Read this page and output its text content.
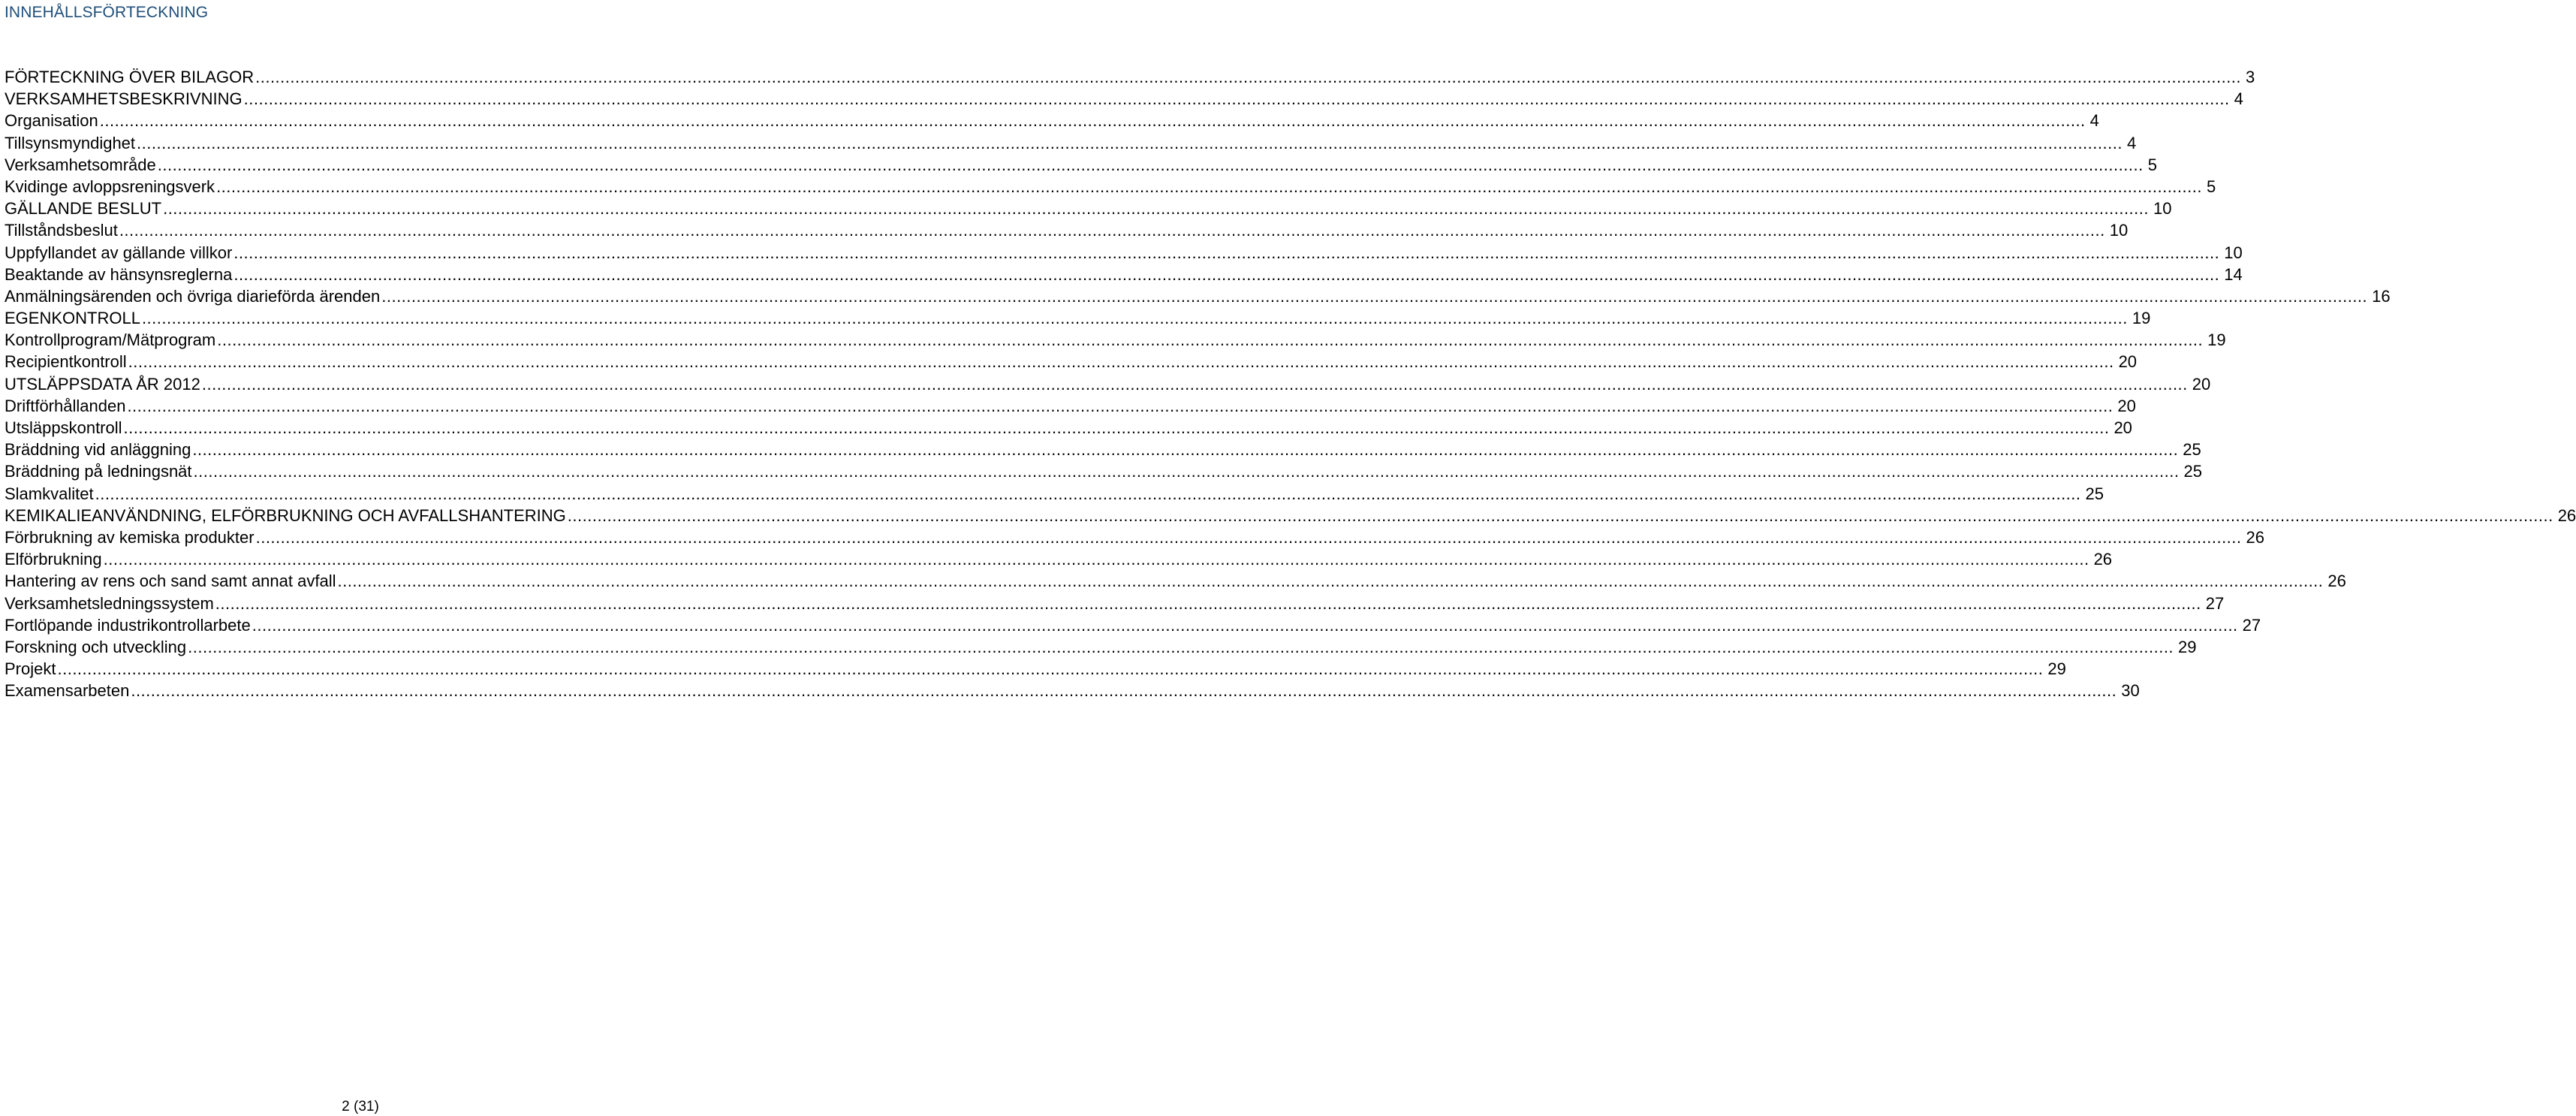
INNEHÅLLSFÖRTECKNING
FÖRTECKNING ÖVER BILAGOR ................................................................................................................................................................................................................................................................................................................................................................................................................ 3
VERKSAMHETSBESKRIVNING ................................................................................................................................................................................................................................................................................................................................................................................................................ 4
Organisation ................................................................................................................................................................................................................................................................................................................................................................................................................ 4
Tillsynsmyndighet ................................................................................................................................................................................................................................................................................................................................................................................................................ 4
Verksamhetsområde ................................................................................................................................................................................................................................................................................................................................................................................................................ 5
Kvidinge avloppsreningsverk ................................................................................................................................................................................................................................................................................................................................................................................................................ 5
GÄLLANDE BESLUT ................................................................................................................................................................................................................................................................................................................................................................................................................ 10
Tillståndsbeslut ................................................................................................................................................................................................................................................................................................................................................................................................................ 10
Uppfyllandet av gällande villkor ................................................................................................................................................................................................................................................................................................................................................................................................................ 10
Beaktande av hänsynsreglerna ................................................................................................................................................................................................................................................................................................................................................................................................................ 14
Anmälningsärenden och övriga diarieförda ärenden ................................................................................................................................................................................................................................................................................................................................................................................................................ 16
EGENKONTROLL ................................................................................................................................................................................................................................................................................................................................................................................................................ 19
Kontrollprogram/Mätprogram ................................................................................................................................................................................................................................................................................................................................................................................................................ 19
Recipientkontroll ................................................................................................................................................................................................................................................................................................................................................................................................................ 20
UTSLÄPPSDATA ÅR 2012 ................................................................................................................................................................................................................................................................................................................................................................................................................ 20
Driftförhållanden ................................................................................................................................................................................................................................................................................................................................................................................................................ 20
Utsläppskontroll ................................................................................................................................................................................................................................................................................................................................................................................................................ 20
Bräddning vid anläggning ................................................................................................................................................................................................................................................................................................................................................................................................................ 25
Bräddning på ledningsnät ................................................................................................................................................................................................................................................................................................................................................................................................................ 25
Slamkvalitet ................................................................................................................................................................................................................................................................................................................................................................................................................ 25
KEMIKALIEANVÄNDNING, ELFÖRBRUKNING OCH AVFALLSHANTERING ................................................................................................................................................................................................................................................................................................................................................................................................................ 26
Förbrukning av kemiska produkter ................................................................................................................................................................................................................................................................................................................................................................................................................ 26
Elförbrukning ................................................................................................................................................................................................................................................................................................................................................................................................................ 26
Hantering av rens och sand samt annat avfall ................................................................................................................................................................................................................................................................................................................................................................................................................ 26
Verksamhetsledningssystem ................................................................................................................................................................................................................................................................................................................................................................................................................ 27
Fortlöpande industrikontrollarbete ................................................................................................................................................................................................................................................................................................................................................................................................................ 27
Forskning och utveckling ................................................................................................................................................................................................................................................................................................................................................................................................................ 29
Projekt ................................................................................................................................................................................................................................................................................................................................................................................................................ 29
Examensarbeten ................................................................................................................................................................................................................................................................................................................................................................................................................ 30
2 (31)
